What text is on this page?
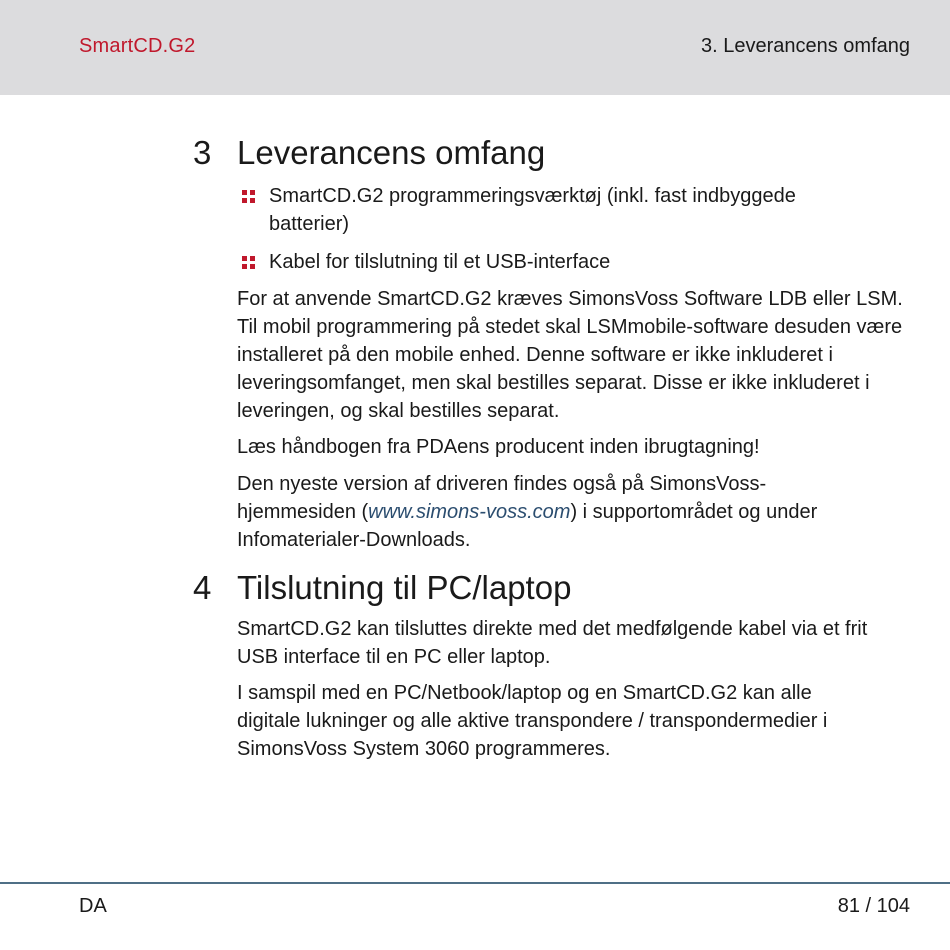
SmartCD.G2	3. Leverancens omfang
3 Leverancens omfang
SmartCD.G2 programmeringsværktøj (inkl. fast indbyggede batterier)
Kabel for tilslutning til et USB-interface
For at anvende SmartCD.G2 kræves SimonsVoss Software LDB eller LSM. Til mobil programmering på stedet skal LSMmobile-software desuden være installeret på den mobile enhed. Denne software er ikke inkluderet i leveringsomfanget, men skal bestilles separat. Disse er ikke inkluderet i leveringen, og skal bestilles separat.
Læs håndbogen fra PDAens producent inden ibrugtagning!
Den nyeste version af driveren findes også på SimonsVoss-hjemmesiden (www.simons-voss.com) i supportområdet og under Infomaterialer-Downloads.
4 Tilslutning til PC/laptop
SmartCD.G2 kan tilsluttes direkte med det medfølgende kabel via et frit USB interface til en PC eller laptop.
I samspil med en PC/Netbook/laptop og en SmartCD.G2 kan alle digitale lukninger og alle aktive transpondere / transpondermedier i SimonsVoss System 3060 programmeres.
DA	81 / 104
